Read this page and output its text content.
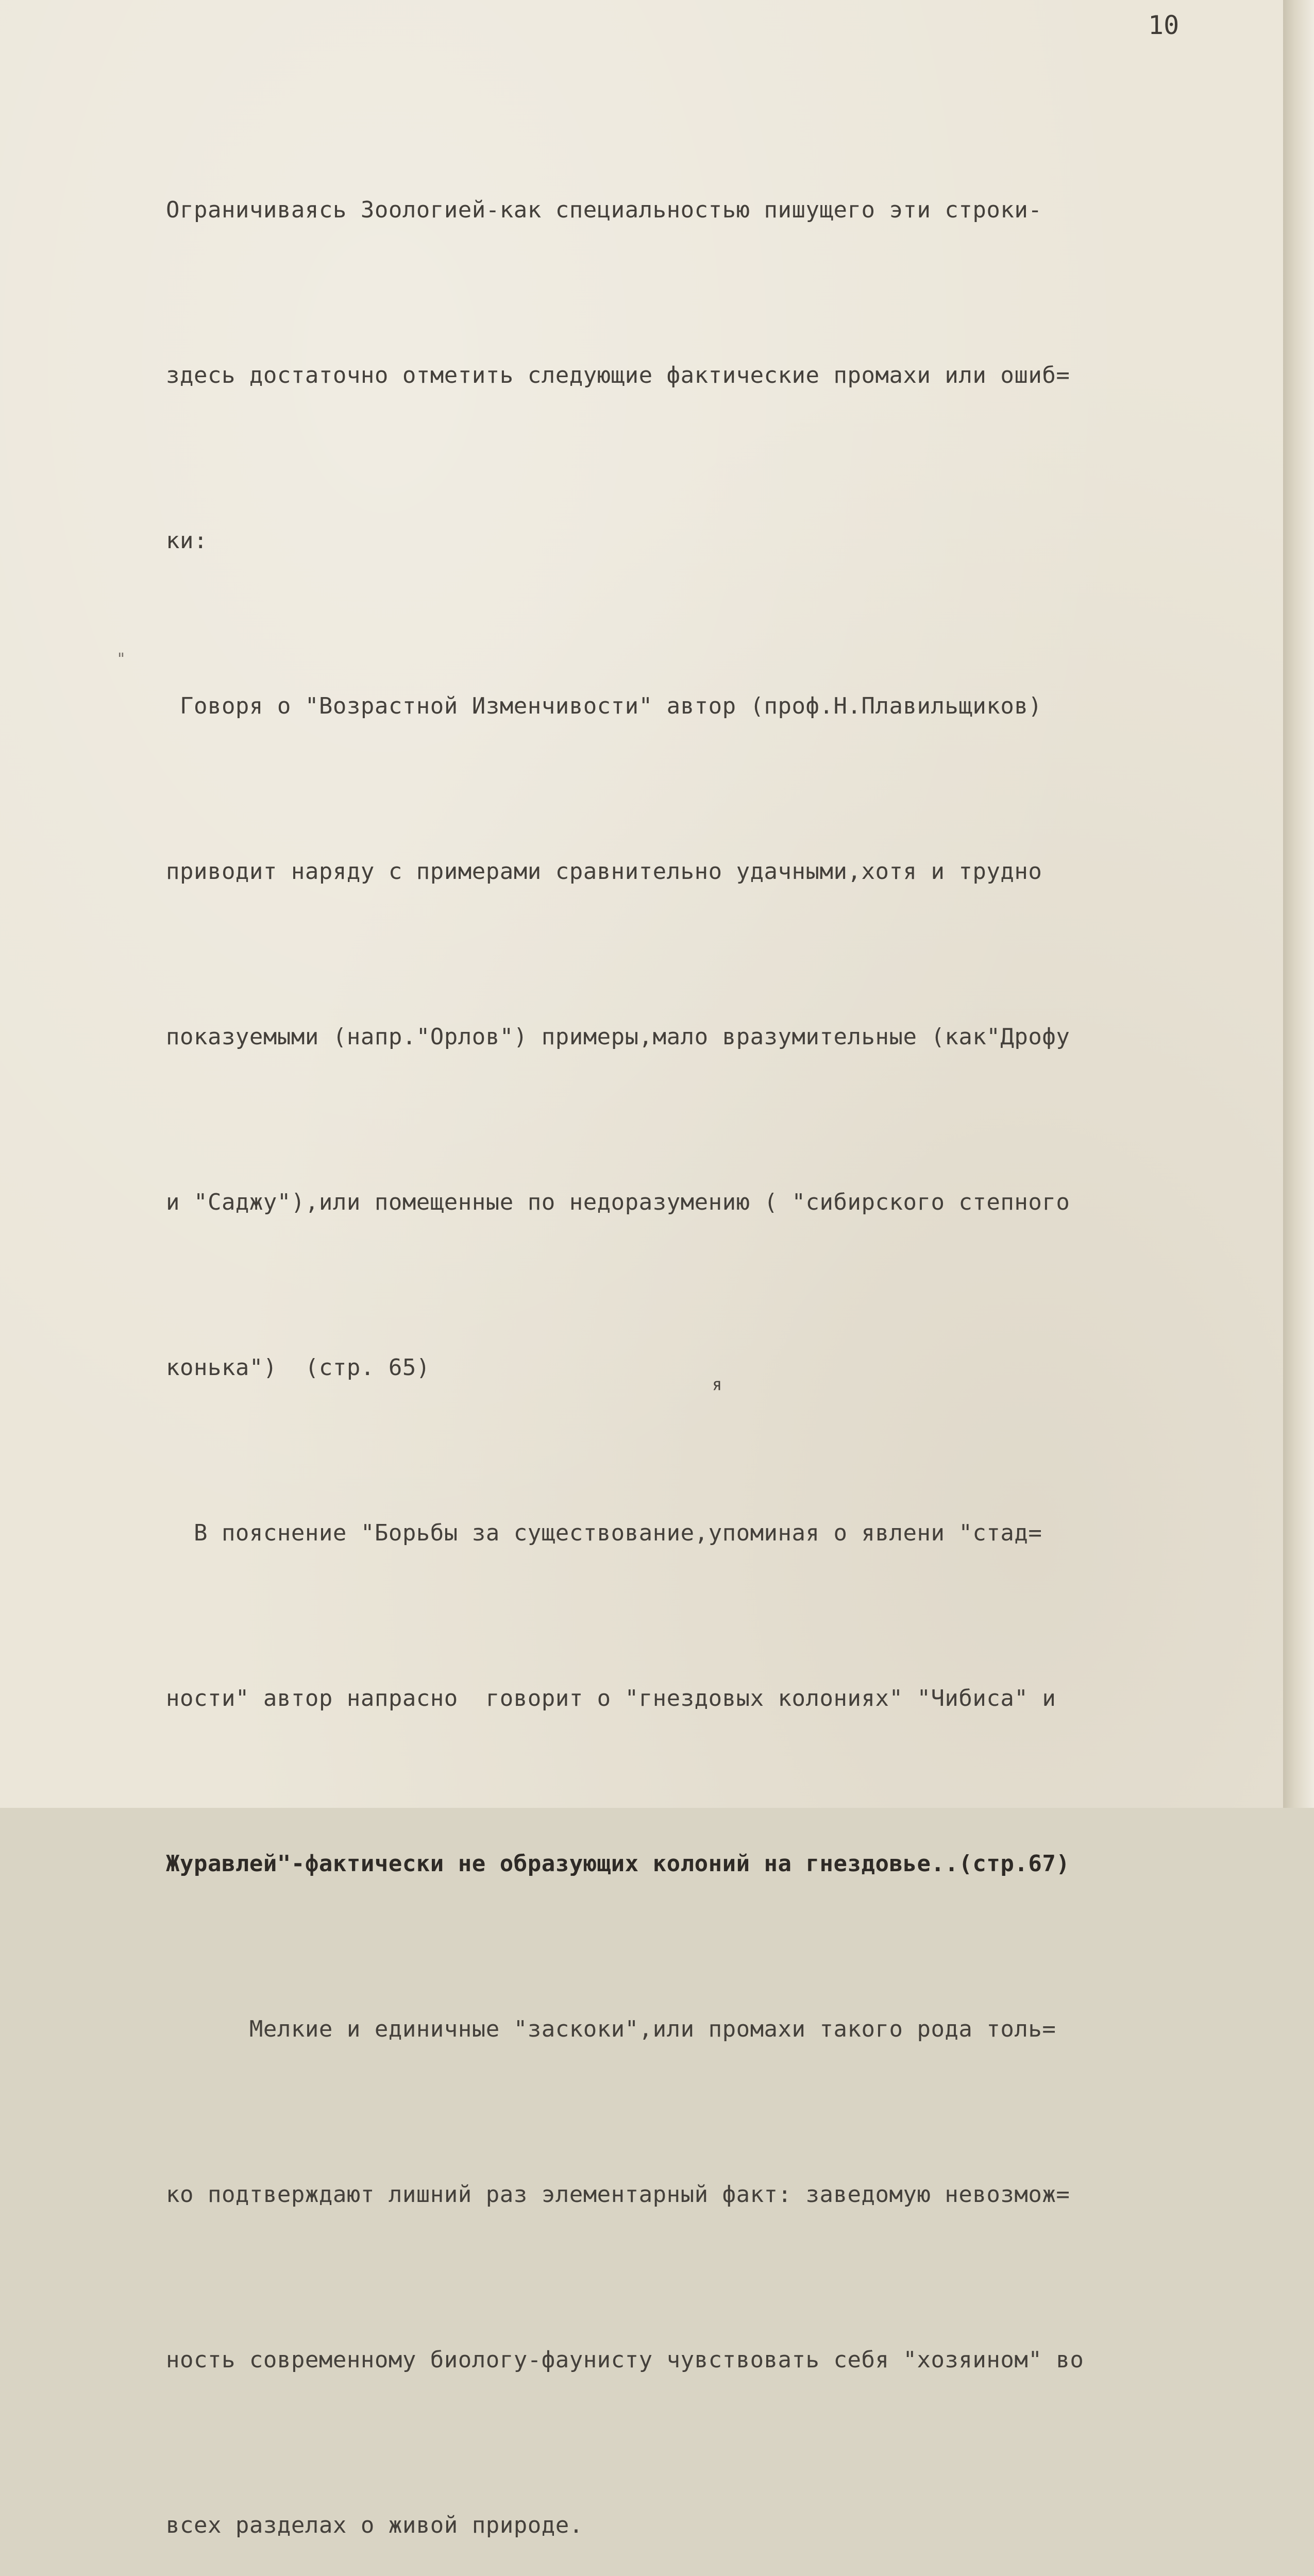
10

Ограничиваясь Зоологией-как специальностью пишущего эти строки-

здесь достаточно отметить следующие фактические промахи или ошиб=

ки:

Говоря о "Возрастной Изменчивости" автор (проф.Н.Плавильщиков)

приводит наряду с примерами сравнительно удачными,хотя и трудно

показуемыми (напр."Орлов") примеры,мало вразумительные (как"Дрофу

и "Саджу"),или помещенные по недоразумению ( "сибирского степного

конька")  (стр. 65)

В пояснение "Борьбы за существование,упоминая о явлени "стад=

ности" автор напрасно  говорит о "гнездовых колониях" "Чибиса" и

Журавлей"-фактически не образующих колоний на гнездовье..(стр.67)

Мелкие и единичные "заскоки",или промахи такого рода толь=

ко подтверждают лишний раз элементарный факт: заведомую невозмож=

ность современному биологу-фаунисту чувствовать себя "хозяином" во

всех разделах о живой природе.

"
я
